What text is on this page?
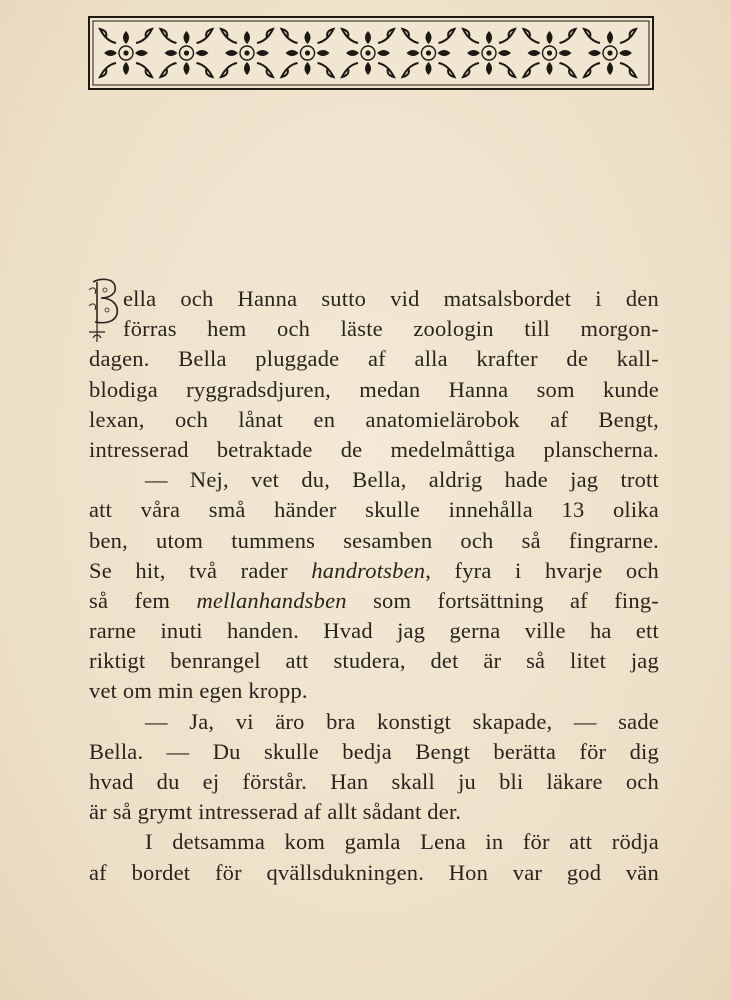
ella och Hanna sutto vid matsalsbordet i den
förras hem och läste zoologin till morgon-
dagen. Bella pluggade af alla krafter de kall-
blodiga ryggradsdjuren, medan Hanna som kunde
lexan, och lånat en anatomielärobok af Bengt,
intresserad betraktade de medelmåttiga planscherna.
— Nej, vet du, Bella, aldrig hade jag trott
att våra små händer skulle innehålla 13 olika
ben, utom tummens sesamben och så fingrarne.
Se hit, två rader handrotsben, fyra i hvarje och
så fem mellanhandsben som fortsättning af fing-
rarne inuti handen. Hvad jag gerna ville ha ett
riktigt benrangel att studera, det är så litet jag
vet om min egen kropp.
— Ja, vi äro bra konstigt skapade, — sade
Bella. — Du skulle bedja Bengt berätta för dig
hvad du ej förstår. Han skall ju bli läkare och
är så grymt intresserad af allt sådant der.
I detsamma kom gamla Lena in för att rödja
af bordet för qvällsdukningen. Hon var god vän
